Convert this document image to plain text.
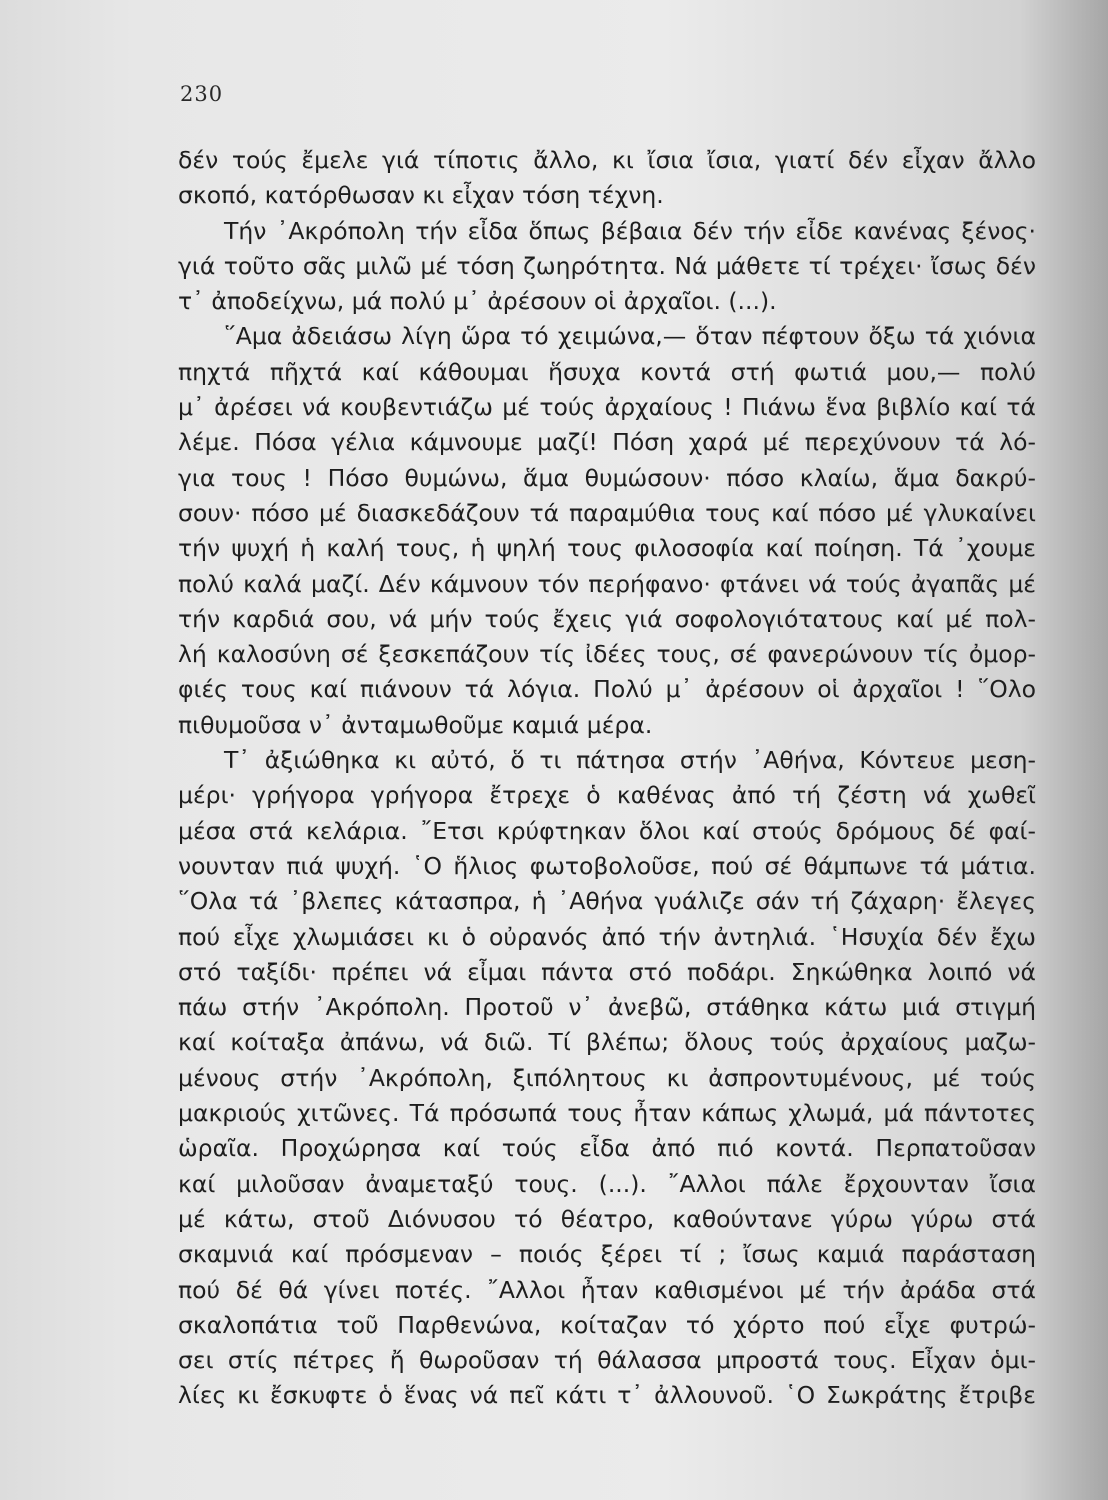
230
δέν τούς ἔμελε γιά τίποτις ἄλλο, κι ἴσια ἴσια, γιατί δέν εἶχαν ἄλλο
σκοπό, κατόρθωσαν κι εἶχαν τόση τέχνη.
Τήν ᾿Ακρόπολη τήν εἶδα ὅπως βέβαια δέν τήν εἶδε κανένας ξένος·
γιά τοῦτο σᾶς μιλῶ μέ τόση ζωηρότητα. Νά μάθετε τί τρέχει· ἴσως δέν
τ᾿ ἀποδείχνω, μά πολύ μ᾿ ἀρέσουν οἱ ἀρχαῖοι. (...).
῞Αμα ἀδειάσω λίγη ὥρα τό χειμώνα,— ὅταν πέφτουν ὄξω τά χιόνια
πηχτά πῆχτά καί κάθουμαι ἥσυχα κοντά στή φωτιά μου,— πολύ
μ᾿ ἀρέσει νά κουβεντιάζω μέ τούς ἀρχαίους ! Πιάνω ἕνα βιβλίο καί τά
λέμε. Πόσα γέλια κάμνουμε μαζί! Πόση χαρά μέ περεχύνουν τά λό-
για τους ! Πόσο θυμώνω, ἅμα θυμώσουν· πόσο κλαίω, ἅμα δακρύ-
σουν· πόσο μέ διασκεδάζουν τά παραμύθια τους καί πόσο μέ γλυκαίνει
τήν ψυχή ἡ καλή τους, ἡ ψηλή τους φιλοσοφία καί ποίηση. Τά ᾿χουμε
πολύ καλά μαζί. Δέν κάμνουν τόν περήφανο· φτάνει νά τούς ἀγαπᾶς μέ
τήν καρδιά σου, νά μήν τούς ἔχεις γιά σοφολογιότατους καί μέ πολ-
λή καλοσύνη σέ ξεσκεπάζουν τίς ἰδέες τους, σέ φανερώνουν τίς ὀμορ-
φιές τους καί πιάνουν τά λόγια. Πολύ μ᾿ ἀρέσουν οἱ ἀρχαῖοι ! ῞Ολο
πιθυμοῦσα ν᾿ ἀνταμωθοῦμε καμιά μέρα.
Τ᾿ ἀξιώθηκα κι αὐτό, ὅ τι πάτησα στήν ᾿Αθήνα, Κόντευε μεση-
μέρι· γρήγορα γρήγορα ἔτρεχε ὁ καθένας ἀπό τή ζέστη νά χωθεῖ
μέσα στά κελάρια. ῎Ετσι κρύφτηκαν ὅλοι καί στούς δρόμους δέ φαί-
νουνταν πιά ψυχή. ῾Ο ἥλιος φωτοβολοῦσε, πού σέ θάμπωνε τά μάτια.
῞Ολα τά ᾿βλεπες κάτασπρα, ἡ ᾿Αθήνα γυάλιζε σάν τή ζάχαρη· ἔλεγες
πού εἶχε χλωμιάσει κι ὁ οὐρανός ἀπό τήν ἀντηλιά. ῾Ησυχία δέν ἔχω
στό ταξίδι· πρέπει νά εἶμαι πάντα στό ποδάρι. Σηκώθηκα λοιπό νά
πάω στήν ᾿Ακρόπολη. Προτοῦ ν᾿ ἀνεβῶ, στάθηκα κάτω μιά στιγμή
καί κοίταξα ἀπάνω, νά διῶ. Τί βλέπω; ὅλους τούς ἀρχαίους μαζω-
μένους στήν ᾿Ακρόπολη, ξιπόλητους κι ἀσπροντυμένους, μέ τούς
μακριούς χιτῶνες. Τά πρόσωπά τους ἦταν κάπως χλωμά, μά πάντοτες
ὡραῖα. Προχώρησα καί τούς εἶδα ἀπό πιό κοντά. Περπατοῦσαν
καί μιλοῦσαν ἀναμεταξύ τους. (...). ῎Αλλοι πάλε ἔρχουνταν ἴσια
μέ κάτω, στοῦ Διόνυσου τό θέατρο, καθούντανε γύρω γύρω στά
σκαμνιά καί πρόσμεναν – ποιός ξέρει τί ; ἴσως καμιά παράσταση
πού δέ θά γίνει ποτές. ῎Αλλοι ἦταν καθισμένοι μέ τήν ἀράδα στά
σκαλοπάτια τοῦ Παρθενώνα, κοίταζαν τό χόρτο πού εἶχε φυτρώ-
σει στίς πέτρες ἤ θωροῦσαν τή θάλασσα μπροστά τους. Εἶχαν ὁμι-
λίες κι ἔσκυφτε ὁ ἕνας νά πεῖ κάτι τ᾿ ἀλλουνοῦ. ῾Ο Σωκράτης ἔτριβε
